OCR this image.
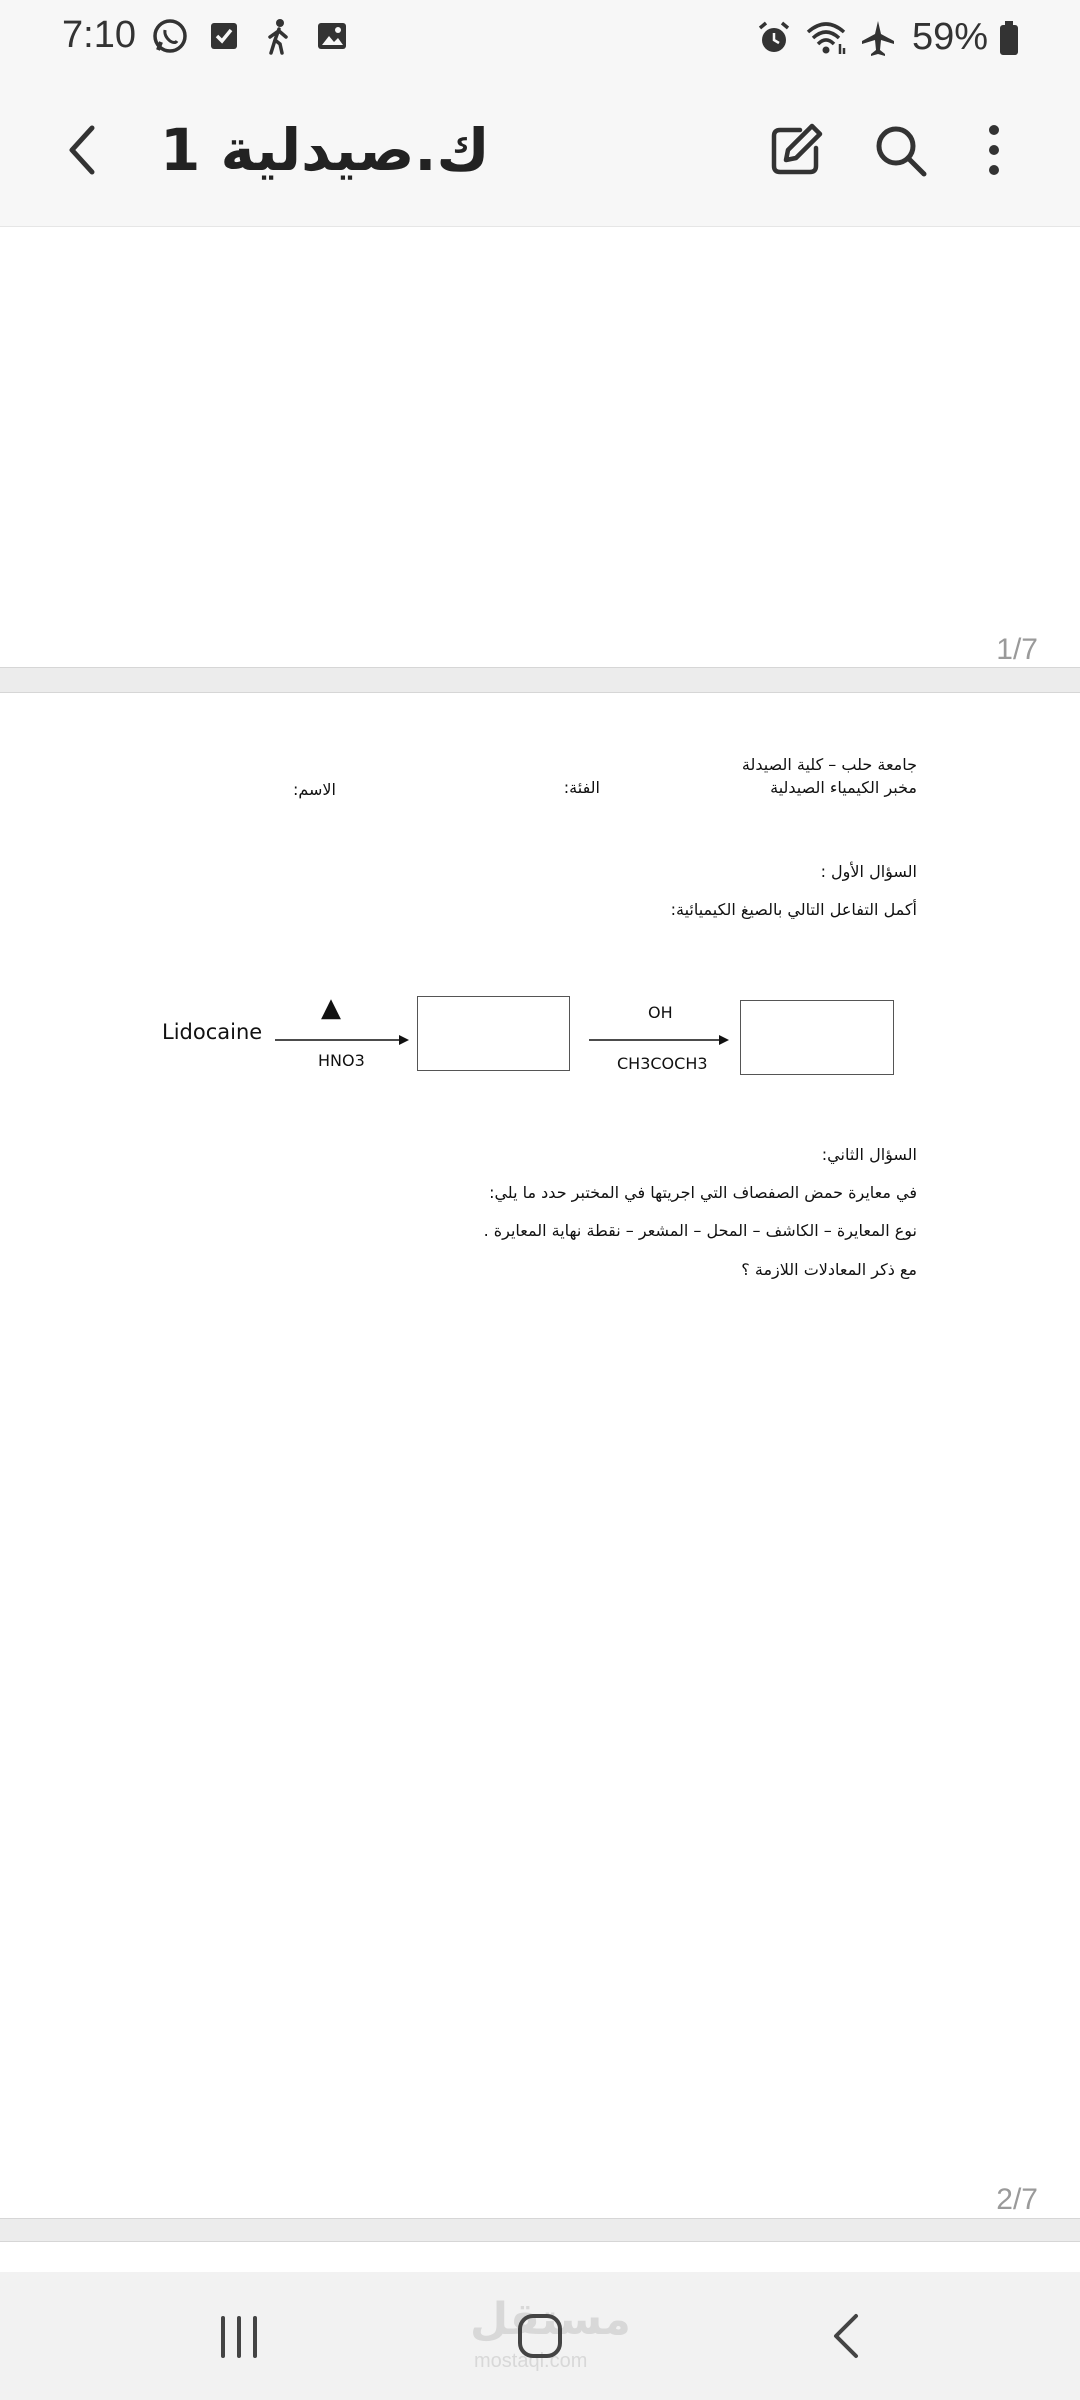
7:10	59%
ك.صيدلية 1
1/7
جامعة حلب – كلية الصيدلة
مخبر الكيمياء الصيدلية
الفئة:
الاسم:
السؤال الأول :
أكمل التفاعل التالي بالصيغ الكيميائية:
Lidocaine
▲
HNO3
OH
CH3COCH3
السؤال الثاني:
في معايرة حمض الصفصاف التي اجريتها في المختبر حدد ما يلي:
نوع المعايرة – الكاشف – المحل – المشعر – نقطة نهاية المعايرة .
مع ذكر المعادلات اللازمة ؟
2/7
مستقل
mostaql.com
